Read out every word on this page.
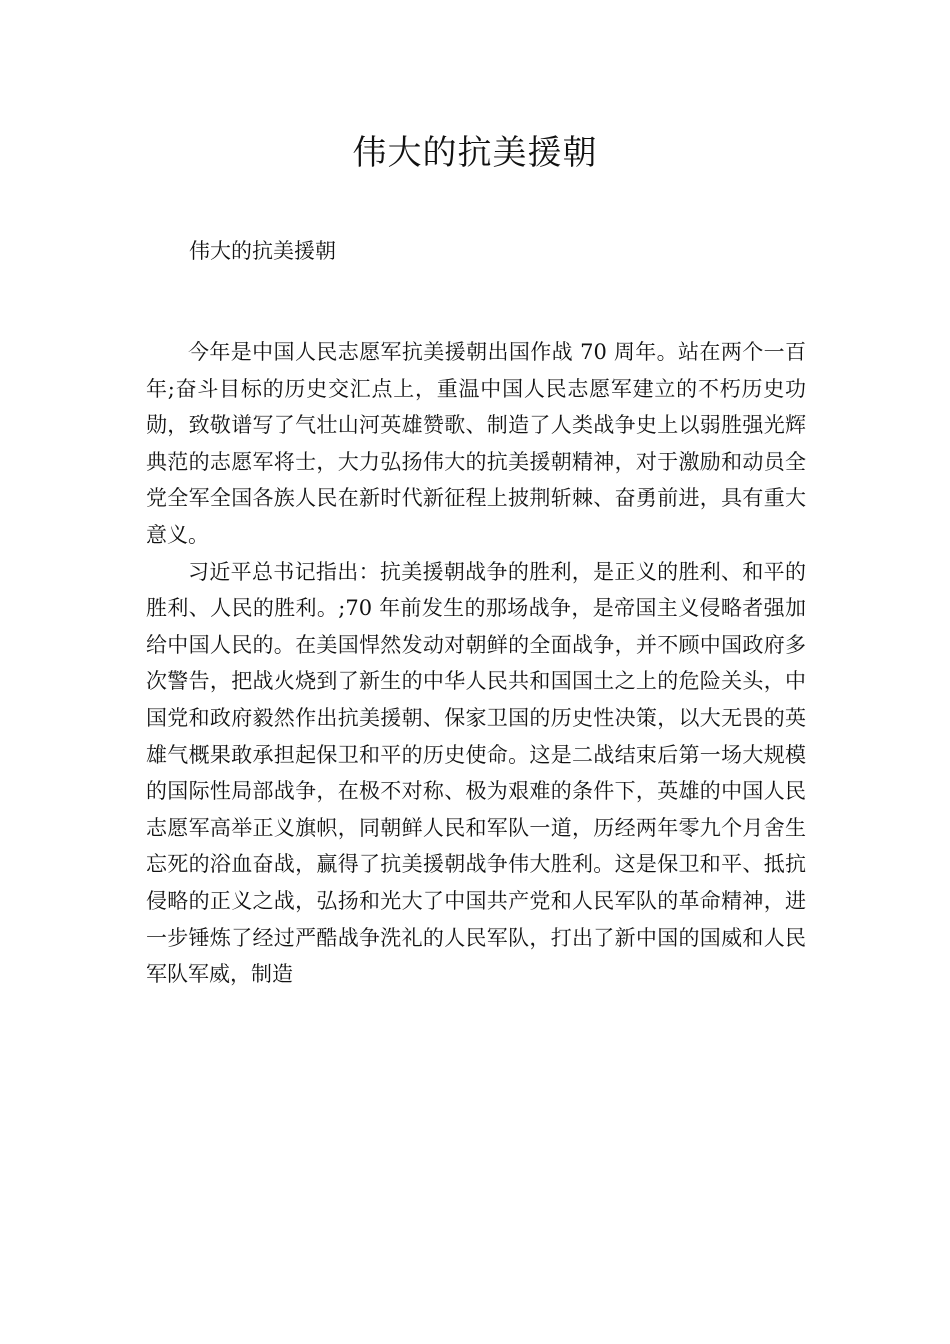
伟大的抗美援朝

伟大的抗美援朝

今年是中国人民志愿军抗美援朝出国作战 70 周年。站在两个一百年;奋斗目标的历史交汇点上，重温中国人民志愿军建立的不朽历史功勋，致敬谱写了气壮山河英雄赞歌、制造了人类战争史上以弱胜强光辉典范的志愿军将士，大力弘扬伟大的抗美援朝精神，对于激励和动员全党全军全国各族人民在新时代新征程上披荆斩棘、奋勇前进，具有重大意义。

习近平总书记指出：抗美援朝战争的胜利，是正义的胜利、和平的胜利、人民的胜利。;70 年前发生的那场战争，是帝国主义侵略者强加给中国人民的。在美国悍然发动对朝鲜的全面战争，并不顾中国政府多次警告，把战火烧到了新生的中华人民共和国国土之上的危险关头，中国党和政府毅然作出抗美援朝、保家卫国的历史性决策，以大无畏的英雄气概果敢承担起保卫和平的历史使命。这是二战结束后第一场大规模的国际性局部战争，在极不对称、极为艰难的条件下，英雄的中国人民志愿军高举正义旗帜，同朝鲜人民和军队一道，历经两年零九个月舍生忘死的浴血奋战，赢得了抗美援朝战争伟大胜利。这是保卫和平、抵抗侵略的正义之战，弘扬和光大了中国共产党和人民军队的革命精神，进一步锤炼了经过严酷战争洗礼的人民军队，打出了新中国的国威和人民军队军威，制造
